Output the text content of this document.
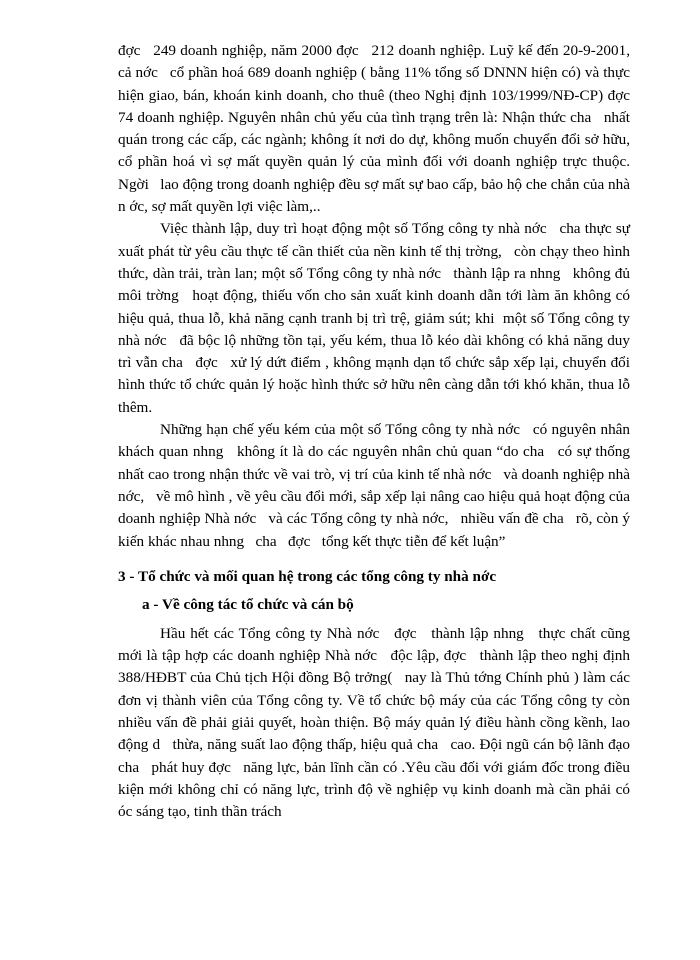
đợc   249 doanh nghiệp, năm 2000 đợc   212 doanh nghiệp. Luỹ kế đến 20-9-2001, cả nớc   cổ phần hoá 689 doanh nghiệp ( bằng 11% tổng số DNNN hiện có) và thực hiện giao, bán, khoán kinh doanh, cho thuê (theo Nghị định 103/1999/NĐ-CP) đợc   74 doanh nghiệp. Nguyên nhân chủ yếu của tình trạng trên là: Nhận thức cha   nhất quán trong các cấp, các ngành; không ít nơi do dự, không muốn chuyển đổi sở hữu, cổ phần hoá vì sợ mất quyền quản lý của mình đối với doanh nghiệp trực thuộc. Ngời   lao động trong doanh nghiệp đều sợ mất sự bao cấp, bảo hộ che chắn của nhà n ớc, sợ mất quyền lợi việc làm,..

Việc thành lập, duy trì hoạt động một số Tổng công ty nhà nớc   cha thực sự xuất phát từ yêu cầu thực tế cần thiết của nền kinh tế thị trờng,   còn chạy theo hình thức, dàn trải, tràn lan; một số Tổng công ty nhà nớc   thành lập ra nhng   không đủ môi trờng   hoạt động, thiếu vốn cho sản xuất kinh doanh dẫn tới làm ăn không có hiệu quả, thua lỗ, khả năng cạnh tranh bị trì trệ, giảm sút; khi  một số Tổng công ty nhà nớc   đã bộc lộ những tồn tại, yếu kém, thua lỗ kéo dài không có khả năng duy trì vẫn cha   đợc   xử lý dứt điểm , không mạnh dạn tổ chức sắp xếp lại, chuyển đổi hình thức tổ chức quản lý hoặc hình thức sở hữu nên càng dẫn tới khó khăn, thua lỗ thêm.

Những hạn chế yếu kém của một số Tổng công ty nhà nớc   có nguyên nhân khách quan nhng   không ít là do các nguyên nhân chủ quan “do cha   có sự thống nhất cao trong nhận thức về vai trò, vị trí của kinh tế nhà nớc   và doanh nghiệp nhà nớc,   về mô hình , về yêu cầu đổi mới, sắp xếp lại nâng cao hiệu quả hoạt động của doanh nghiệp Nhà nớc   và các Tổng công ty nhà nớc,   nhiều vấn đề cha   rõ, còn ý kiến khác nhau nhng   cha   đợc   tổng kết thực tiễn để kết luận”

3 - Tổ chức và mối quan hệ trong các tổng công ty nhà nớc
a - Về công tác tổ chức và cán bộ

Hầu hết các Tổng công ty Nhà nớc   đợc   thành lập nhng   thực chất cũng mới là tập hợp các doanh nghiệp Nhà nớc   độc lập, đợc   thành lập theo nghị định 388/HĐBT của Chủ tịch Hội đồng Bộ trởng(   nay là Thủ tớng Chính phủ ) làm các đơn vị thành viên của Tổng công ty. Về tổ chức bộ máy của các Tổng công ty còn nhiều vấn đề phải giải quyết, hoàn thiện. Bộ máy quản lý điều hành cồng kềnh, lao động d   thừa, năng suất lao động thấp, hiệu quả cha   cao. Đội ngũ cán bộ lãnh đạo cha   phát huy đợc   năng lực, bản lĩnh cần có .Yêu cầu đối với giám đốc trong điều kiện mới không chỉ có năng lực, trình độ về nghiệp vụ kinh doanh mà cần phải có óc sáng tạo, tinh thần trách
